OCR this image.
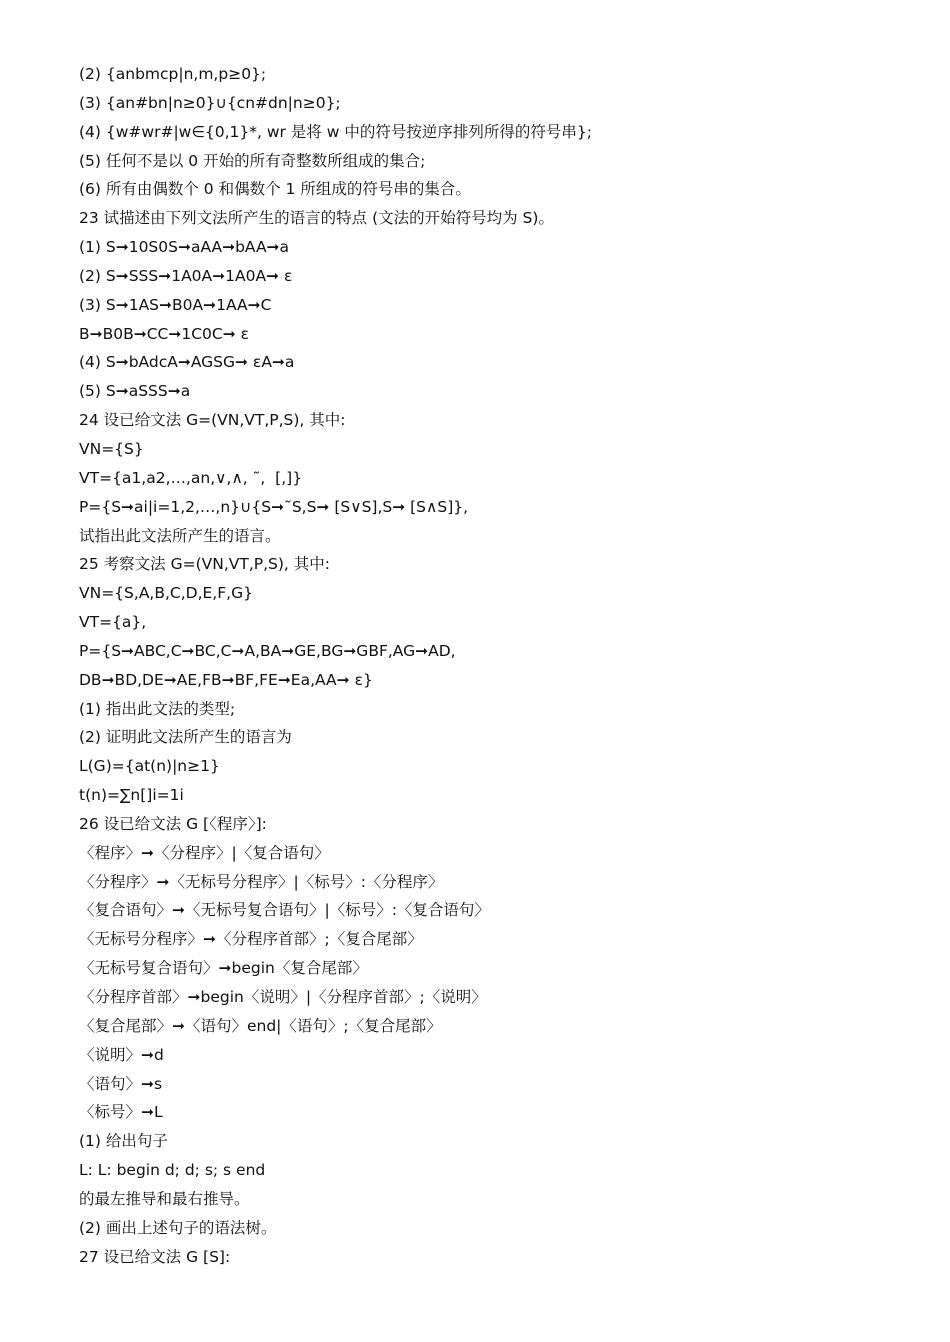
(2) {anbmcp|n,m,p≥0};
(3) {an#bn|n≥0}∪{cn#dn|n≥0};
(4) {w#wr#|w∈{0,1}*, wr 是将 w 中的符号按逆序排列所得的符号串};
(5) 任何不是以 0 开始的所有奇整数所组成的集合;
(6) 所有由偶数个 0 和偶数个 1 所组成的符号串的集合。
23 试描述由下列文法所产生的语言的特点 (文法的开始符号均为 S)。
(1) S➞10S0S➞aAA➞bAA➞a
(2) S➞SSS➞1A0A➞1A0A➞ ε
(3) S➞1AS➞B0A➞1AA➞C
B➞B0B➞CC➞1C0C➞ ε
(4) S➞bAdcA➞AGSG➞ εA➞a
(5) S➞aSSS➞a
24 设已给文法 G=(VN,VT,P,S), 其中:
VN={S}
VT={a1,a2,…,an,∨,∧, ˜,  [,]}
P={S➞ai|i=1,2,…,n}∪{S➞˜S,S➞ [S∨S],S➞ [S∧S]},
试指出此文法所产生的语言。
25 考察文法 G=(VN,VT,P,S), 其中:
VN={S,A,B,C,D,E,F,G}
VT={a},
P={S➞ABC,C➞BC,C➞A,BA➞GE,BG➞GBF,AG➞AD,
DB➞BD,DE➞AE,FB➞BF,FE➞Ea,AA➞ ε}
(1) 指出此文法的类型;
(2) 证明此文法所产生的语言为
L(G)={at(n)|n≥1}
t(n)=∑n[]i=1i
26 设已给文法 G [〈程序〉]:
〈程序〉➞〈分程序〉|〈复合语句〉
〈分程序〉➞〈无标号分程序〉|〈标号〉:〈分程序〉
〈复合语句〉➞〈无标号复合语句〉|〈标号〉:〈复合语句〉
〈无标号分程序〉➞〈分程序首部〉;〈复合尾部〉
〈无标号复合语句〉➞begin〈复合尾部〉
〈分程序首部〉➞begin〈说明〉|〈分程序首部〉;〈说明〉
〈复合尾部〉➞〈语句〉end|〈语句〉;〈复合尾部〉
〈说明〉➞d
〈语句〉➞s
〈标号〉➞L
(1) 给出句子
L: L: begin d; d; s; s end
的最左推导和最右推导。
(2) 画出上述句子的语法树。
27 设已给文法 G [S]:
